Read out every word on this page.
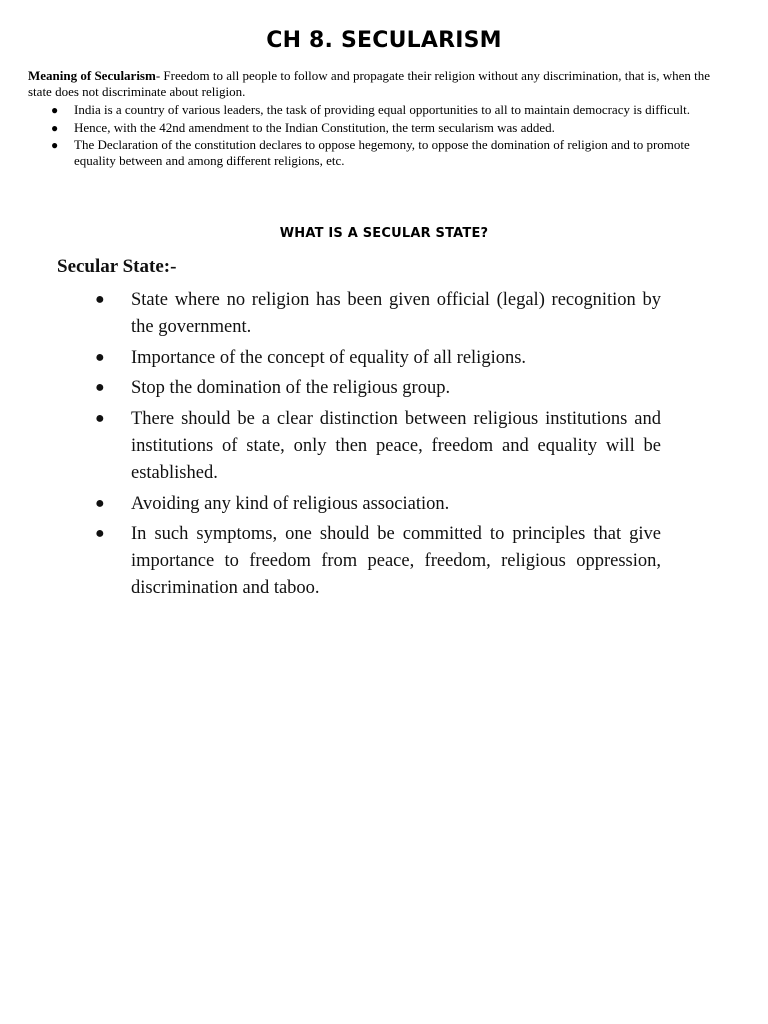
CH 8. SECULARISM
Meaning of Secularism- Freedom to all people to follow and propagate their religion without any discrimination, that is, when the state does not discriminate about religion.
● India is a country of various leaders, the task of providing equal opportunities to all to maintain democracy is difficult.
● Hence, with the 42nd amendment to the Indian Constitution, the term secularism was added.
● The Declaration of the constitution declares to oppose hegemony, to oppose the domination of religion and to promote equality between and among different religions, etc.
WHAT IS A SECULAR STATE?
Secular State:-
● State where no religion has been given official (legal) recognition by the government.
● Importance of the concept of equality of all religions.
● Stop the domination of the religious group.
● There should be a clear distinction between religious institutions and institutions of state, only then peace, freedom and equality will be established.
● Avoiding any kind of religious association.
● In such symptoms, one should be committed to principles that give importance to freedom from peace, freedom, religious oppression, discrimination and taboo.
